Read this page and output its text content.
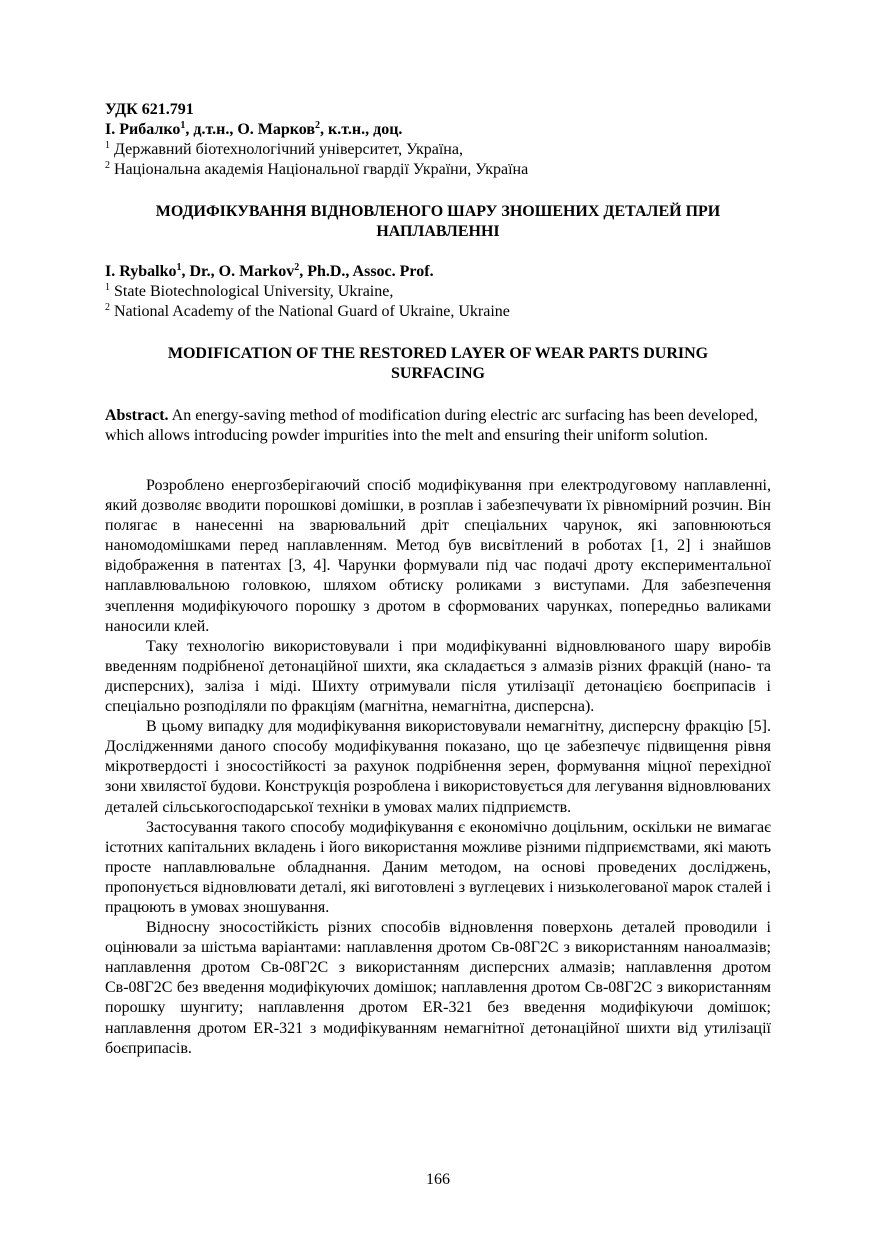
УДК 621.791

І. Рибалко$^1$, д.т.н., О. Марков$^2$, к.т.н., доц.

$^1$ Державний біотехнологічний університет, Україна,

$^2$ Національна академія Національної гвардії України, Україна

МОДИФІКУВАННЯ ВІДНОВЛЕНОГО ШАРУ ЗНОШЕНИХ ДЕТАЛЕЙ ПРИ НАПЛАВЛЕННІ

I. Rybalko$^1$, Dr., O. Markov$^2$, Ph.D., Assoc. Prof.

$^1$ State Biotechnological University, Ukraine,

$^2$ National Academy of the National Guard of Ukraine, Ukraine

MODIFICATION OF THE RESTORED LAYER OF WEAR PARTS DURING SURFACING

Abstract. An energy-saving method of modification during electric arc surfacing has been developed, which allows introducing powder impurities into the melt and ensuring their uniform solution.

Розроблено енергозберігаючий спосіб модифікування при електродуговому наплавленні, який дозволяє вводити порошкові домішки, в розплав і забезпечувати їх рівномірний розчин. Він полягає в нанесенні на зварювальний дріт спеціальних чарунок, які заповнюються наномодомішками перед наплавленням. Метод був висвітлений в роботах [1, 2] і знайшов відображення в патентах [3, 4]. Чарунки формували під час подачі дроту експериментальної наплавлювальною головкою, шляхом обтиску роликами з виступами. Для забезпечення зчеплення модифікуючого порошку з дротом в сформованих чарунках, попередньо валиками наносили клей.

Таку технологію використовували і при модифікуванні відновлюваного шару виробів введенням подрібненої детонаційної шихти, яка складається з алмазів різних фракцій (нано- та дисперсних), заліза і міді. Шихту отримували після утилізації детонацією боєприпасів і спеціально розподіляли по фракціям (магнітна, немагнітна, дисперсна).

В цьому випадку для модифікування використовували немагнітну, дисперсну фракцію [5]. Дослідженнями даного способу модифікування показано, що це забезпечує підвищення рівня мікротвердості і зносостійкості за рахунок подрібнення зерен, формування міцної перехідної зони хвилястої будови. Конструкція розроблена і використовується для легування відновлюваних деталей сільськогосподарської техніки в умовах малих підприємств.

Застосування такого способу модифікування є економічно доцільним, оскільки не вимагає істотних капітальних вкладень і його використання можливе різними підприємствами, які мають просте наплавлювальне обладнання. Даним методом, на основі проведених досліджень, пропонується відновлювати деталі, які виготовлені з вуглецевих і низьколегованої марок сталей і працюють в умовах зношування.

Відносну зносостійкість різних способів відновлення поверхонь деталей проводили і оцінювали за шістьма варіантами: наплавлення дротом Св-08Г2С з використанням наноалмазів; наплавлення дротом Св-08Г2С з використанням дисперсних алмазів; наплавлення дротом Св-08Г2С без введення модифікуючих домішок; наплавлення дротом Св-08Г2С з використанням порошку шунгиту; наплавлення дротом ER-321 без введення модифікуючи домішок; наплавлення дротом ER-321 з модифікуванням немагнітної детонаційної шихти від утилізації боєприпасів.

166
